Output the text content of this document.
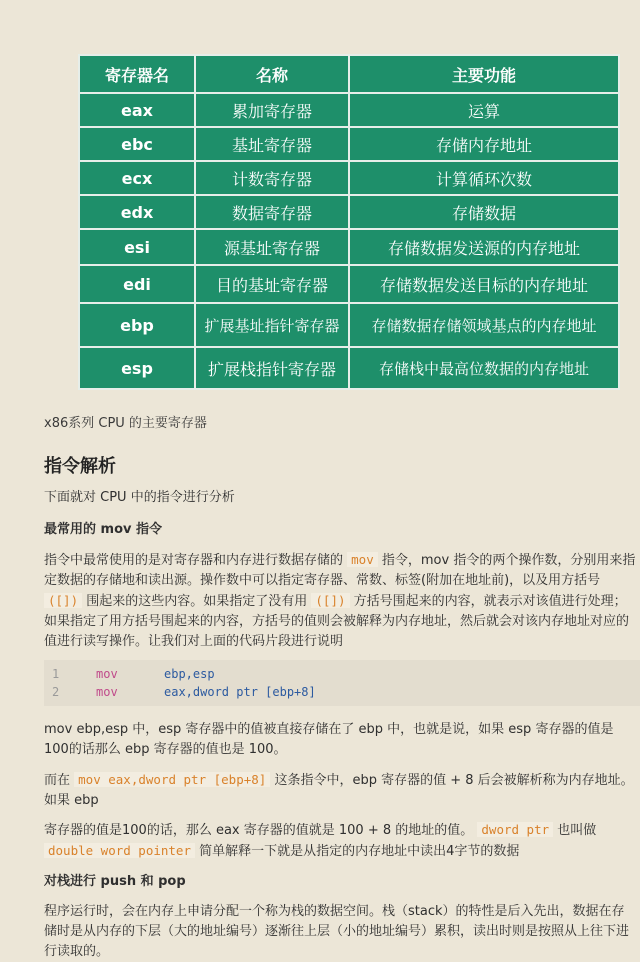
寄存器名	名称	主要功能
eax	累加寄存器	运算
ebc	基址寄存器	存储内存地址
ecx	计数寄存器	计算循环次数
edx	数据寄存器	存储数据
esi	源基址寄存器	存储数据发送源的内存地址
edi	目的基址寄存器	存储数据发送目标的内存地址
ebp	扩展基址指针寄存器	存储数据存储领域基点的内存地址
esp	扩展栈指针寄存器	存储栈中最高位数据的内存地址
x86系列 CPU 的主要寄存器
指令解析
下面就对 CPU 中的指令进行分析
最常用的 mov 指令
指令中最常使用的是对寄存器和内存进行数据存储的 mov 指令，mov 指令的两个操作数，分别用来指定数据的存储地和读出源。操作数中可以指定寄存器、常数、标签(附加在地址前)，以及用方括号 ([]) 围起来的这些内容。如果指定了没有用 ([]) 方括号围起来的内容，就表示对该值进行处理；如果指定了用方括号围起来的内容，方括号的值则会被解释为内存地址，然后就会对该内存地址对应的值进行读写操作。让我们对上面的代码片段进行说明
1	mov	ebp,esp
2	mov	eax,dword ptr [ebp+8]
mov ebp,esp 中，esp 寄存器中的值被直接存储在了 ebp 中，也就是说，如果 esp 寄存器的值是100的话那么 ebp 寄存器的值也是 100。
而在 mov eax,dword ptr [ebp+8] 这条指令中，ebp 寄存器的值 + 8 后会被解析称为内存地址。如果 ebp
寄存器的值是100的话，那么 eax 寄存器的值就是 100 + 8 的地址的值。 dword ptr 也叫做 double word pointer 简单解释一下就是从指定的内存地址中读出4字节的数据
对栈进行 push 和 pop
程序运行时，会在内存上申请分配一个称为栈的数据空间。栈（stack）的特性是后入先出，数据在存储时是从内存的下层（大的地址编号）逐渐往上层（小的地址编号）累积，读出时则是按照从上往下进行读取的。
